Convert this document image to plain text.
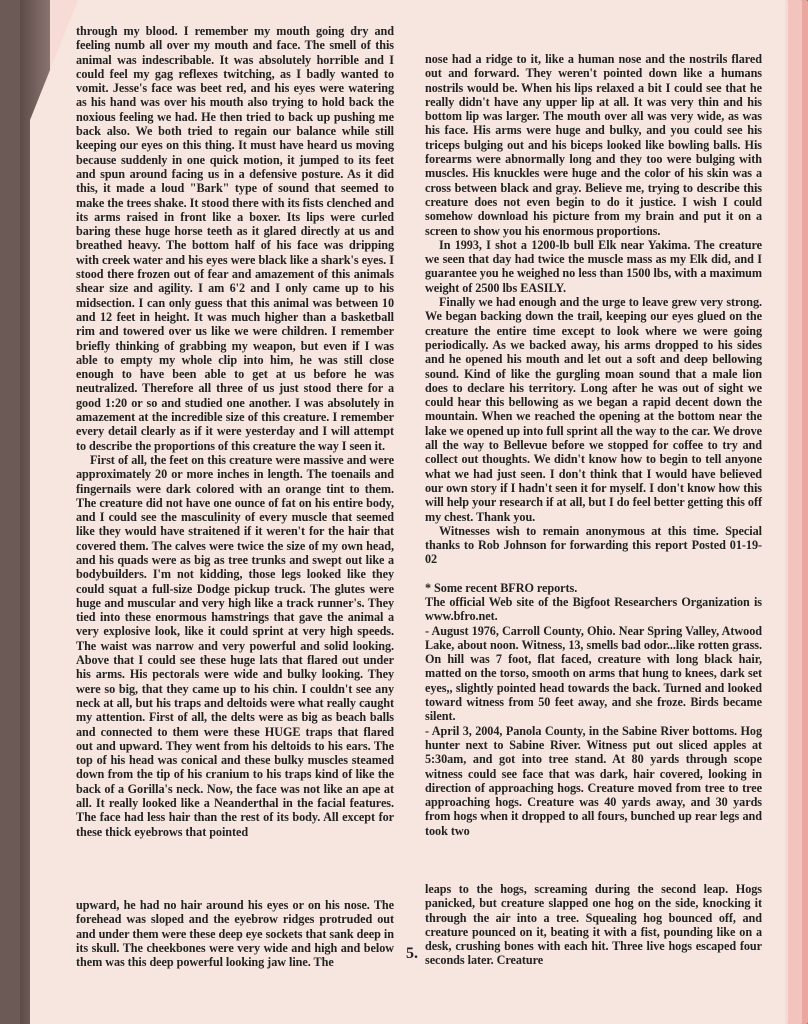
through my blood. I remember my mouth going dry and feeling numb all over my mouth and face. The smell of this animal was indescribable. It was absolutely horrible and I could feel my gag reflexes twitching, as I badly wanted to vomit. Jesse's face was beet red, and his eyes were watering as his hand was over his mouth also trying to hold back the noxious feeling we had. He then tried to back up pushing me back also. We both tried to regain our balance while still keeping our eyes on this thing. It must have heard us moving because suddenly in one quick motion, it jumped to its feet and spun around facing us in a defensive posture. As it did this, it made a loud "Bark" type of sound that seemed to make the trees shake. It stood there with its fists clenched and its arms raised in front like a boxer. Its lips were curled baring these huge horse teeth as it glared directly at us and breathed heavy. The bottom half of his face was dripping with creek water and his eyes were black like a shark's eyes. I stood there frozen out of fear and amazement of this animals shear size and agility. I am 6'2 and I only came up to his midsection. I can only guess that this animal was between 10 and 12 feet in height. It was much higher than a basketball rim and towered over us like we were children. I remember briefly thinking of grabbing my weapon, but even if I was able to empty my whole clip into him, he was still close enough to have been able to get at us before he was neutralized. Therefore all three of us just stood there for a good 1:20 or so and studied one another. I was absolutely in amazement at the incredible size of this creature. I remember every detail clearly as if it were yesterday and I will attempt to describe the proportions of this creature the way I seen it.

First of all, the feet on this creature were massive and were approximately 20 or more inches in length. The toenails and fingernails were dark colored with an orange tint to them. The creature did not have one ounce of fat on his entire body, and I could see the masculinity of every muscle that seemed like they would have straitened if it weren't for the hair that covered them. The calves were twice the size of my own head, and his quads were as big as tree trunks and swept out like a bodybuilders. I'm not kidding, those legs looked like they could squat a full-size Dodge pickup truck. The glutes were huge and muscular and very high like a track runner's. They tied into these enormous hamstrings that gave the animal a very explosive look, like it could sprint at very high speeds. The waist was narrow and very powerful and solid looking. Above that I could see these huge lats that flared out under his arms. His pectorals were wide and bulky looking. They were so big, that they came up to his chin. I couldn't see any neck at all, but his traps and deltoids were what really caught my attention. First of all, the delts were as big as beach balls and connected to them were these HUGE traps that flared out and upward. They went from his deltoids to his ears. The top of his head was conical and these bulky muscles steamed down from the tip of his cranium to his traps kind of like the back of a Gorilla's neck. Now, the face was not like an ape at all. It really looked like a Neanderthal in the facial features. The face had less hair than the rest of its body. All except for these thick eyebrows that pointed

upward, he had no hair around his eyes or on his nose. The forehead was sloped and the eyebrow ridges protruded out and under them were these deep eye sockets that sank deep in its skull. The cheekbones were very wide and high and below them was this deep powerful looking jaw line. The

nose had a ridge to it, like a human nose and the nostrils flared out and forward. They weren't pointed down like a humans nostrils would be. When his lips relaxed a bit I could see that he really didn't have any upper lip at all. It was very thin and his bottom lip was larger. The mouth over all was very wide, as was his face. His arms were huge and bulky, and you could see his triceps bulging out and his biceps looked like bowling balls. His forearms were abnormally long and they too were bulging with muscles. His knuckles were huge and the color of his skin was a cross between black and gray. Believe me, trying to describe this creature does not even begin to do it justice. I wish I could somehow download his picture from my brain and put it on a screen to show you his enormous proportions.

In 1993, I shot a 1200-lb bull Elk near Yakima. The creature we seen that day had twice the muscle mass as my Elk did, and I guarantee you he weighed no less than 1500 lbs, with a maximum weight of 2500 lbs EASILY.

Finally we had enough and the urge to leave grew very strong. We began backing down the trail, keeping our eyes glued on the creature the entire time except to look where we were going periodically. As we backed away, his arms dropped to his sides and he opened his mouth and let out a soft and deep bellowing sound. Kind of like the gurgling moan sound that a male lion does to declare his territory. Long after he was out of sight we could hear this bellowing as we began a rapid decent down the mountain. When we reached the opening at the bottom near the lake we opened up into full sprint all the way to the car. We drove all the way to Bellevue before we stopped for coffee to try and collect out thoughts. We didn't know how to begin to tell anyone what we had just seen. I don't think that I would have believed our own story if I hadn't seen it for myself. I don't know how this will help your research if at all, but I do feel better getting this off my chest. Thank you.

Witnesses wish to remain anonymous at this time. Special thanks to Rob Johnson for forwarding this report Posted 01-19-02

* Some recent BFRO reports.

The official Web site of the Bigfoot Researchers Organization is www.bfro.net.

- August 1976, Carroll County, Ohio. Near Spring Valley, Atwood Lake, about noon. Witness, 13, smells bad odor...like rotten grass. On hill was 7 foot, flat faced, creature with long black hair, matted on the torso, smooth on arms that hung to knees, dark set eyes,, slightly pointed head towards the back. Turned and looked toward witness from 50 feet away, and she froze. Birds became silent.

- April 3, 2004, Panola County, in the Sabine River bottoms. Hog hunter next to Sabine River. Witness put out sliced apples at 5:30am, and got into tree stand. At 80 yards through scope witness could see face that was dark, hair covered, looking in direction of approaching hogs. Creature moved from tree to tree approaching hogs. Creature was 40 yards away, and 30 yards from hogs when it dropped to all fours, bunched up rear legs and took two

leaps to the hogs, screaming during the second leap. Hogs panicked, but creature slapped one hog on the side, knocking it through the air into a tree. Squealing hog bounced off, and creature pounced on it, beating it with a fist, pounding like on a desk, crushing bones with each hit. Three live hogs escaped four seconds later. Creature

5.
